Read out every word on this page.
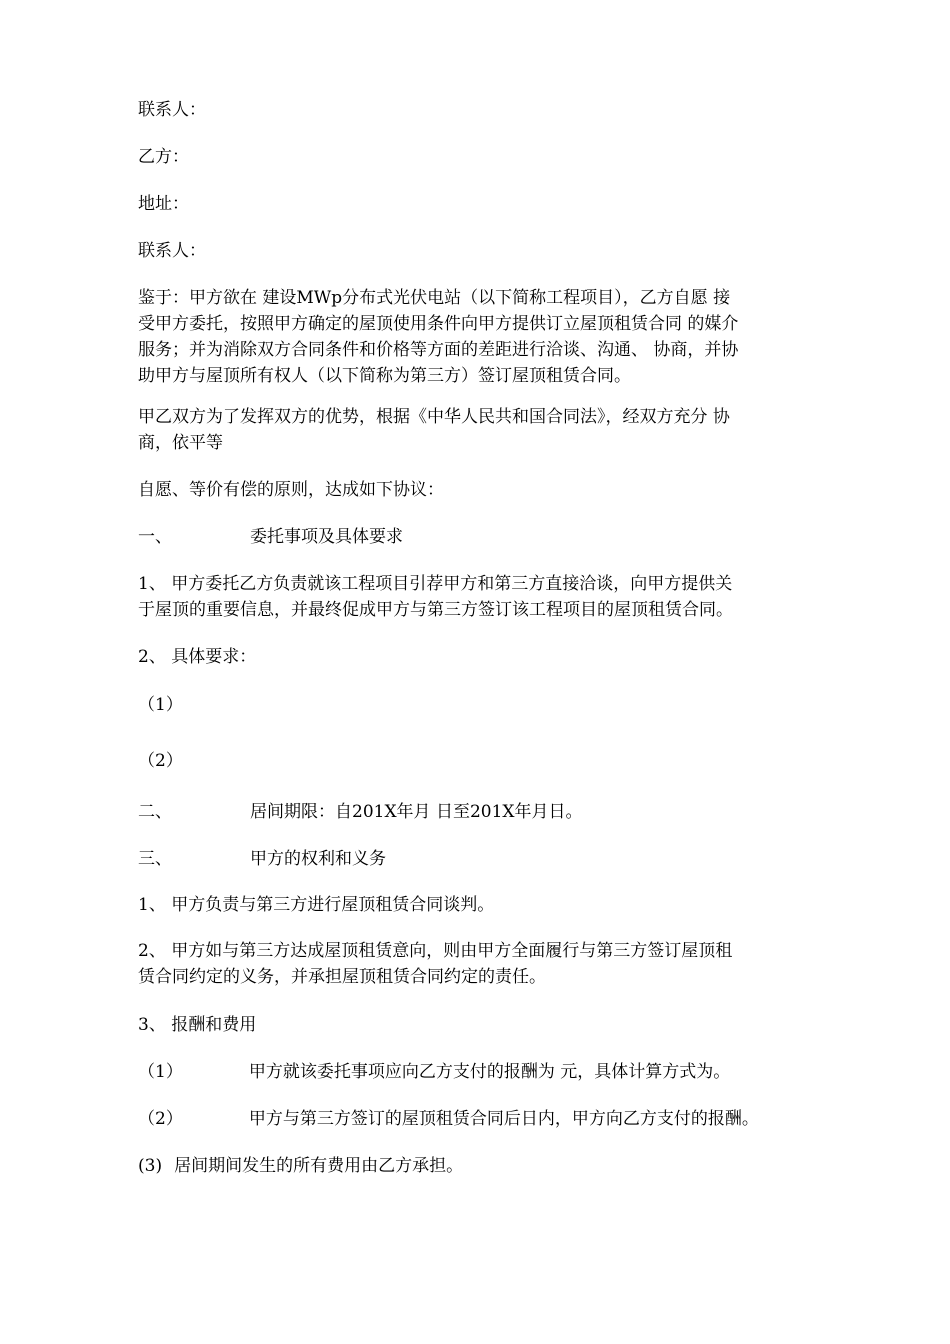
联系人：
乙方：
地址：
联系人：
鉴于：甲方欲在 建设MWp分布式光伏电站（以下简称工程项目），乙方自愿 接
受甲方委托，按照甲方确定的屋顶使用条件向甲方提供订立屋顶租赁合同 的媒介
服务；并为消除双方合同条件和价格等方面的差距进行洽谈、沟通、 协商，并协
助甲方与屋顶所有权人（以下简称为第三方）签订屋顶租赁合同。
甲乙双方为了发挥双方的优势，根据《中华人民共和国合同法》，经双方充分 协
商，依平等
自愿、等价有偿的原则，达成如下协议：
一、	委托事项及具体要求
1、 甲方委托乙方负责就该工程项目引荐甲方和第三方直接洽谈，向甲方提供关
于屋顶的重要信息，并最终促成甲方与第三方签订该工程项目的屋顶租赁合同。
2、 具体要求：
（1）
（2）
二、	居间期限：自201X年月 日至201X年月日。
三、	甲方的权利和义务
1、 甲方负责与第三方进行屋顶租赁合同谈判。
2、 甲方如与第三方达成屋顶租赁意向，则由甲方全面履行与第三方签订屋顶租
赁合同约定的义务，并承担屋顶租赁合同约定的责任。
3、 报酬和费用
（1）	甲方就该委托事项应向乙方支付的报酬为 元，具体计算方式为。
（2）	甲方与第三方签订的屋顶租赁合同后日内，甲方向乙方支付的报酬。
(3) 居间期间发生的所有费用由乙方承担。
